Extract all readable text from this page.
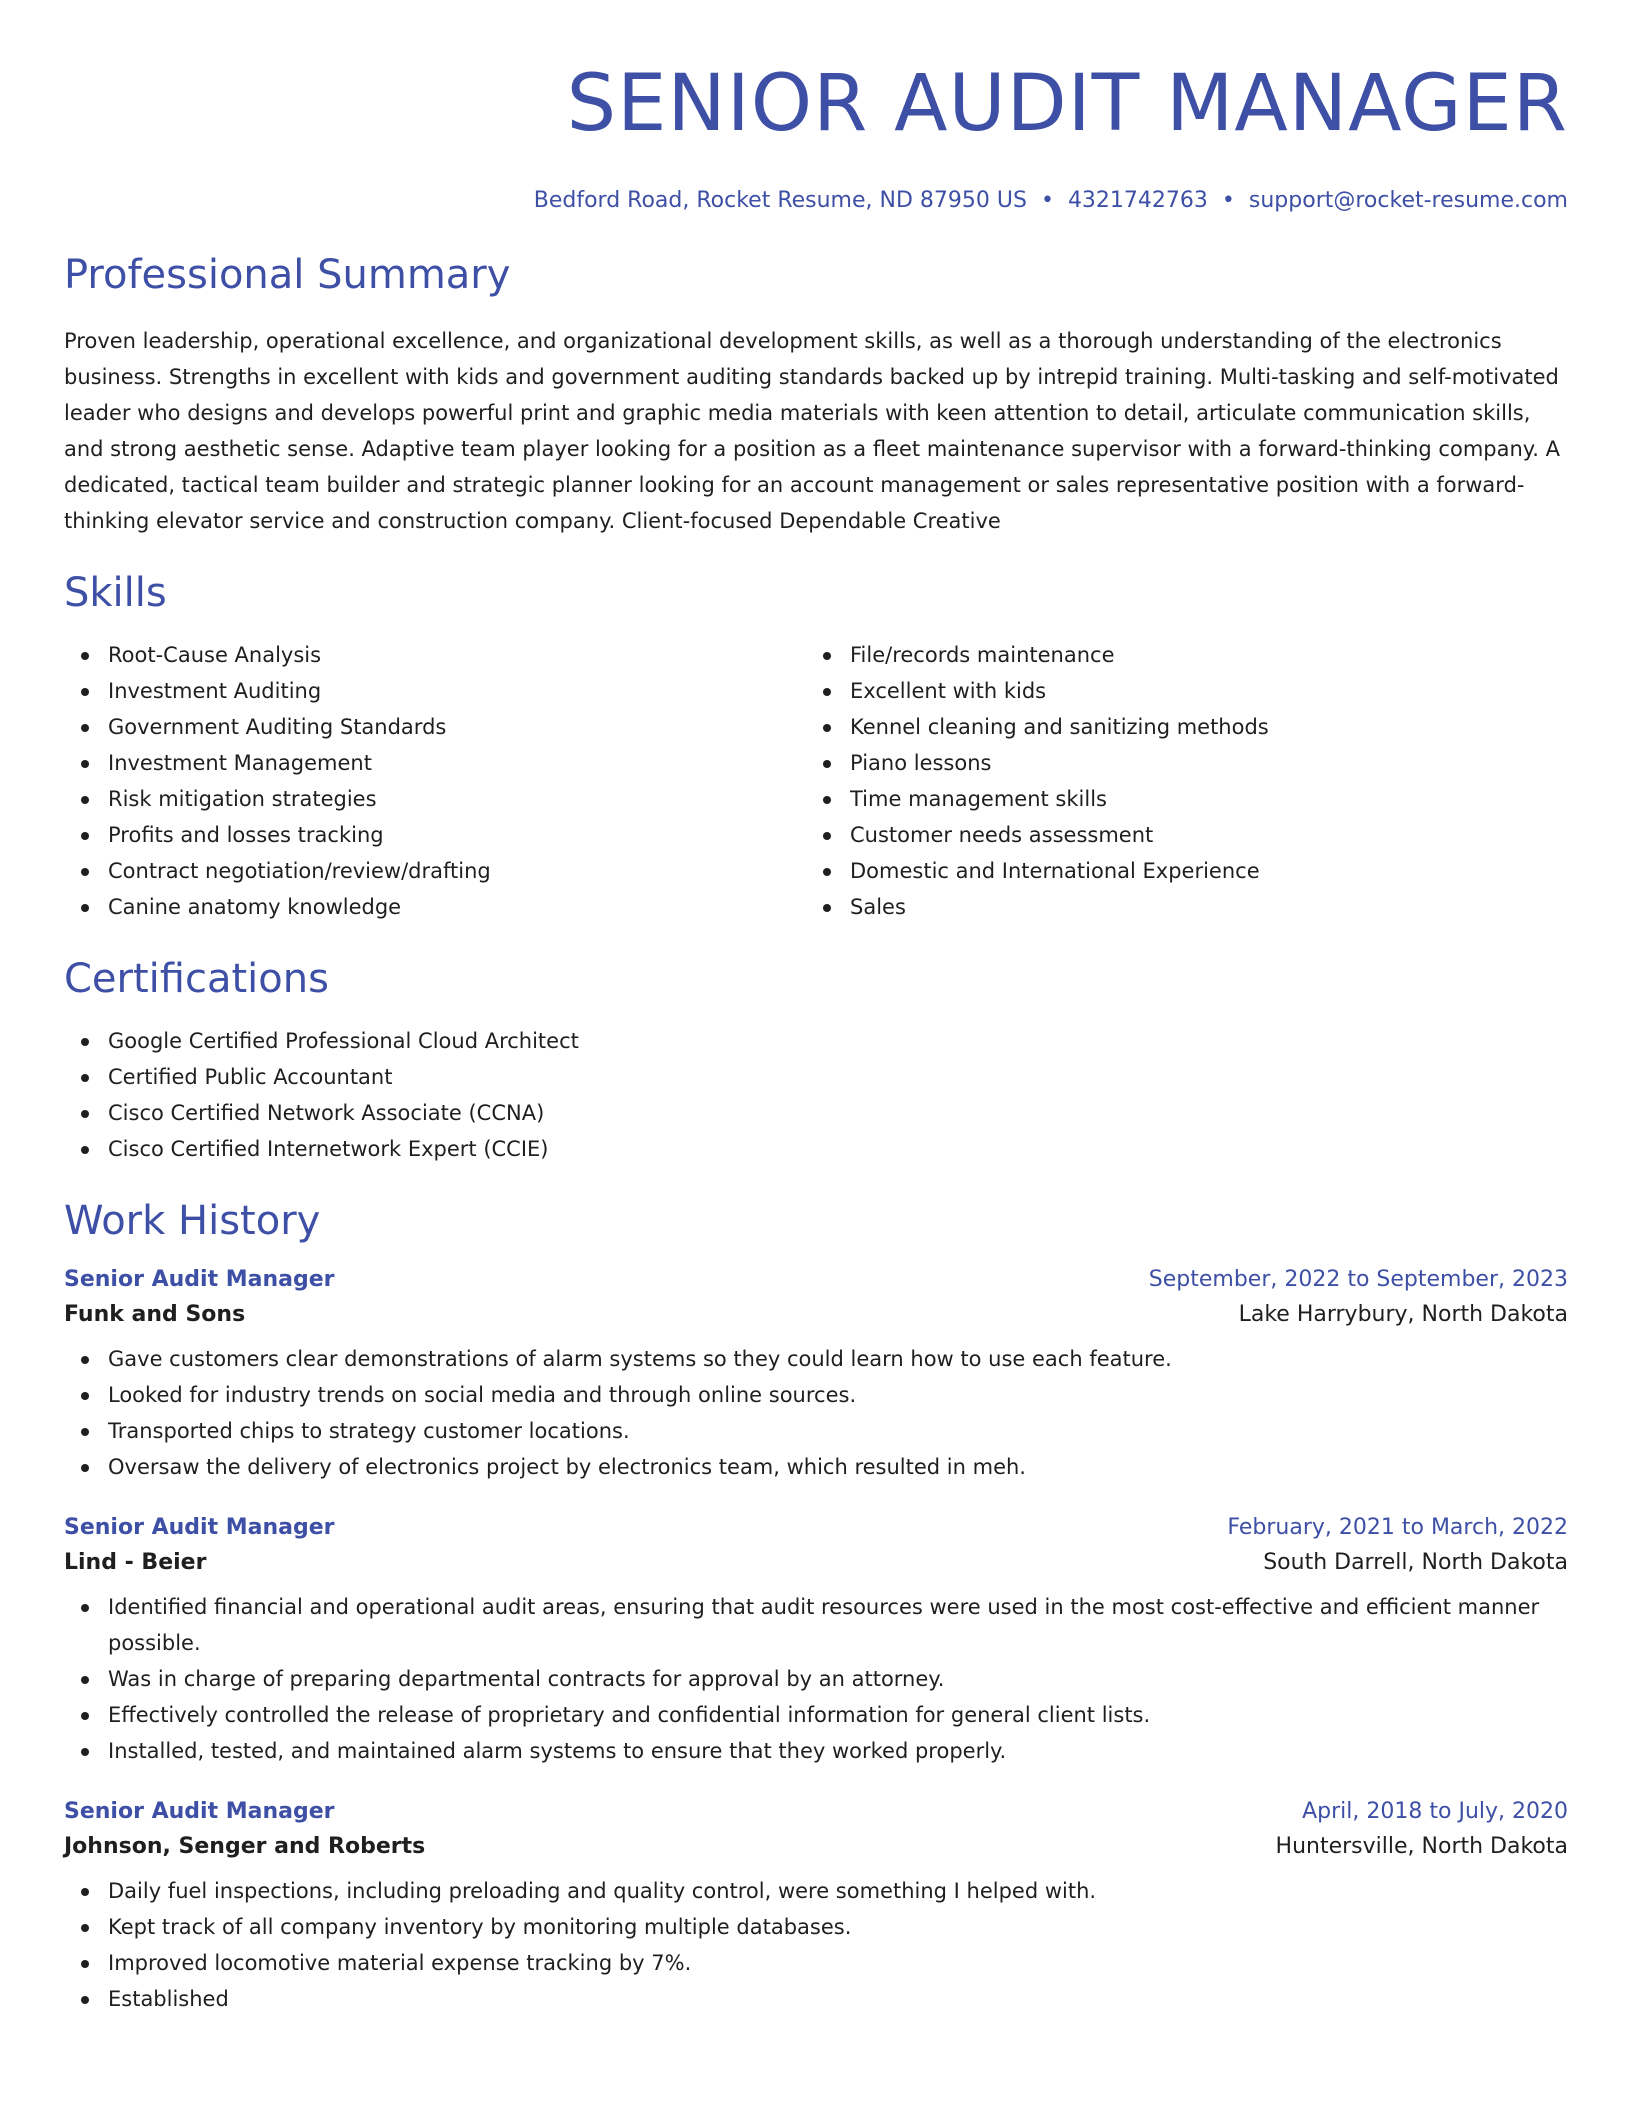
SENIOR AUDIT MANAGER
Bedford Road, Rocket Resume, ND 87950 US • 4321742763 • support@rocket-resume.com
Professional Summary

Proven leadership, operational excellence, and organizational development skills, as well as a thorough understanding of the electronics business. Strengths in excellent with kids and government auditing standards backed up by intrepid training. Multi-tasking and self-motivated leader who designs and develops powerful print and graphic media materials with keen attention to detail, articulate communication skills, and strong aesthetic sense. Adaptive team player looking for a position as a fleet maintenance supervisor with a forward-thinking company. A dedicated, tactical team builder and strategic planner looking for an account management or sales representative position with a forward-thinking elevator service and construction company. Client-focused Dependable Creative

Skills
Root-Cause Analysis
Investment Auditing
Government Auditing Standards
Investment Management
Risk mitigation strategies
Profits and losses tracking
Contract negotiation/review/drafting
Canine anatomy knowledge
File/records maintenance
Excellent with kids
Kennel cleaning and sanitizing methods
Piano lessons
Time management skills
Customer needs assessment
Domestic and International Experience
Sales
Certifications
Google Certified Professional Cloud Architect
Certified Public Accountant
Cisco Certified Network Associate (CCNA)
Cisco Certified Internetwork Expert (CCIE)
Work History
Senior Audit Manager	September, 2022 to September, 2023
Funk and Sons	Lake Harrybury, North Dakota
Gave customers clear demonstrations of alarm systems so they could learn how to use each feature.
Looked for industry trends on social media and through online sources.
Transported chips to strategy customer locations.
Oversaw the delivery of electronics project by electronics team, which resulted in meh.
Senior Audit Manager	February, 2021 to March, 2022
Lind - Beier	South Darrell, North Dakota
Identified financial and operational audit areas, ensuring that audit resources were used in the most cost-effective and efficient manner possible.
Was in charge of preparing departmental contracts for approval by an attorney.
Effectively controlled the release of proprietary and confidential information for general client lists.
Installed, tested, and maintained alarm systems to ensure that they worked properly.
Senior Audit Manager	April, 2018 to July, 2020
Johnson, Senger and Roberts	Huntersville, North Dakota
Daily fuel inspections, including preloading and quality control, were something I helped with.
Kept track of all company inventory by monitoring multiple databases.
Improved locomotive material expense tracking by 7%.
Established
